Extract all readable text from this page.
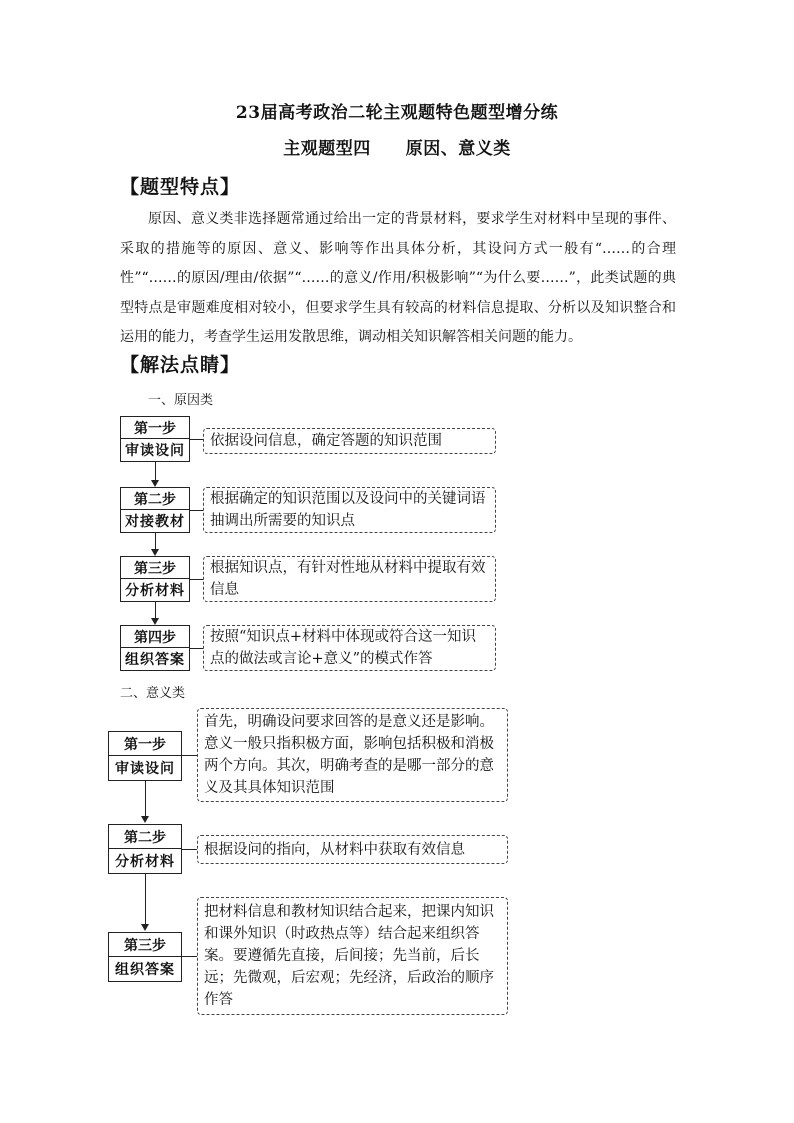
23届高考政治二轮主观题特色题型增分练
主观题型四　　原因、意义类
【题型特点】
原因、意义类非选择题常通过给出一定的背景材料，要求学生对材料中呈现的事件、采取的措施等的原因、意义、影响等作出具体分析，其设问方式一般有“……的合理性”“……的原因/理由/依据”“……的意义/作用/积极影响”“为什么要……”，此类试题的典型特点是审题难度相对较小，但要求学生具有较高的材料信息提取、分析以及知识整合和运用的能力，考查学生运用发散思维，调动相关知识解答相关问题的能力。
【解法点睛】
一、原因类
第一步
审读设问
依据设问信息，确定答题的知识范围
第二步
对接教材
根据确定的知识范围以及设问中的关键词语抽调出所需要的知识点
第三步
分析材料
根据知识点，有针对性地从材料中提取有效信息
第四步
组织答案
按照“知识点+材料中体现或符合这一知识点的做法或言论+意义”的模式作答
二、意义类
首先，明确设问要求回答的是意义还是影响。意义一般只指积极方面，影响包括积极和消极两个方向。其次，明确考查的是哪一部分的意义及其具体知识范围
第一步
审读设问
第二步
分析材料
根据设问的指向，从材料中获取有效信息
把材料信息和教材知识结合起来，把课内知识和课外知识（时政热点等）结合起来组织答案。要遵循先直接，后间接；先当前，后长远；先微观，后宏观；先经济，后政治的顺序作答
第三步
组织答案
